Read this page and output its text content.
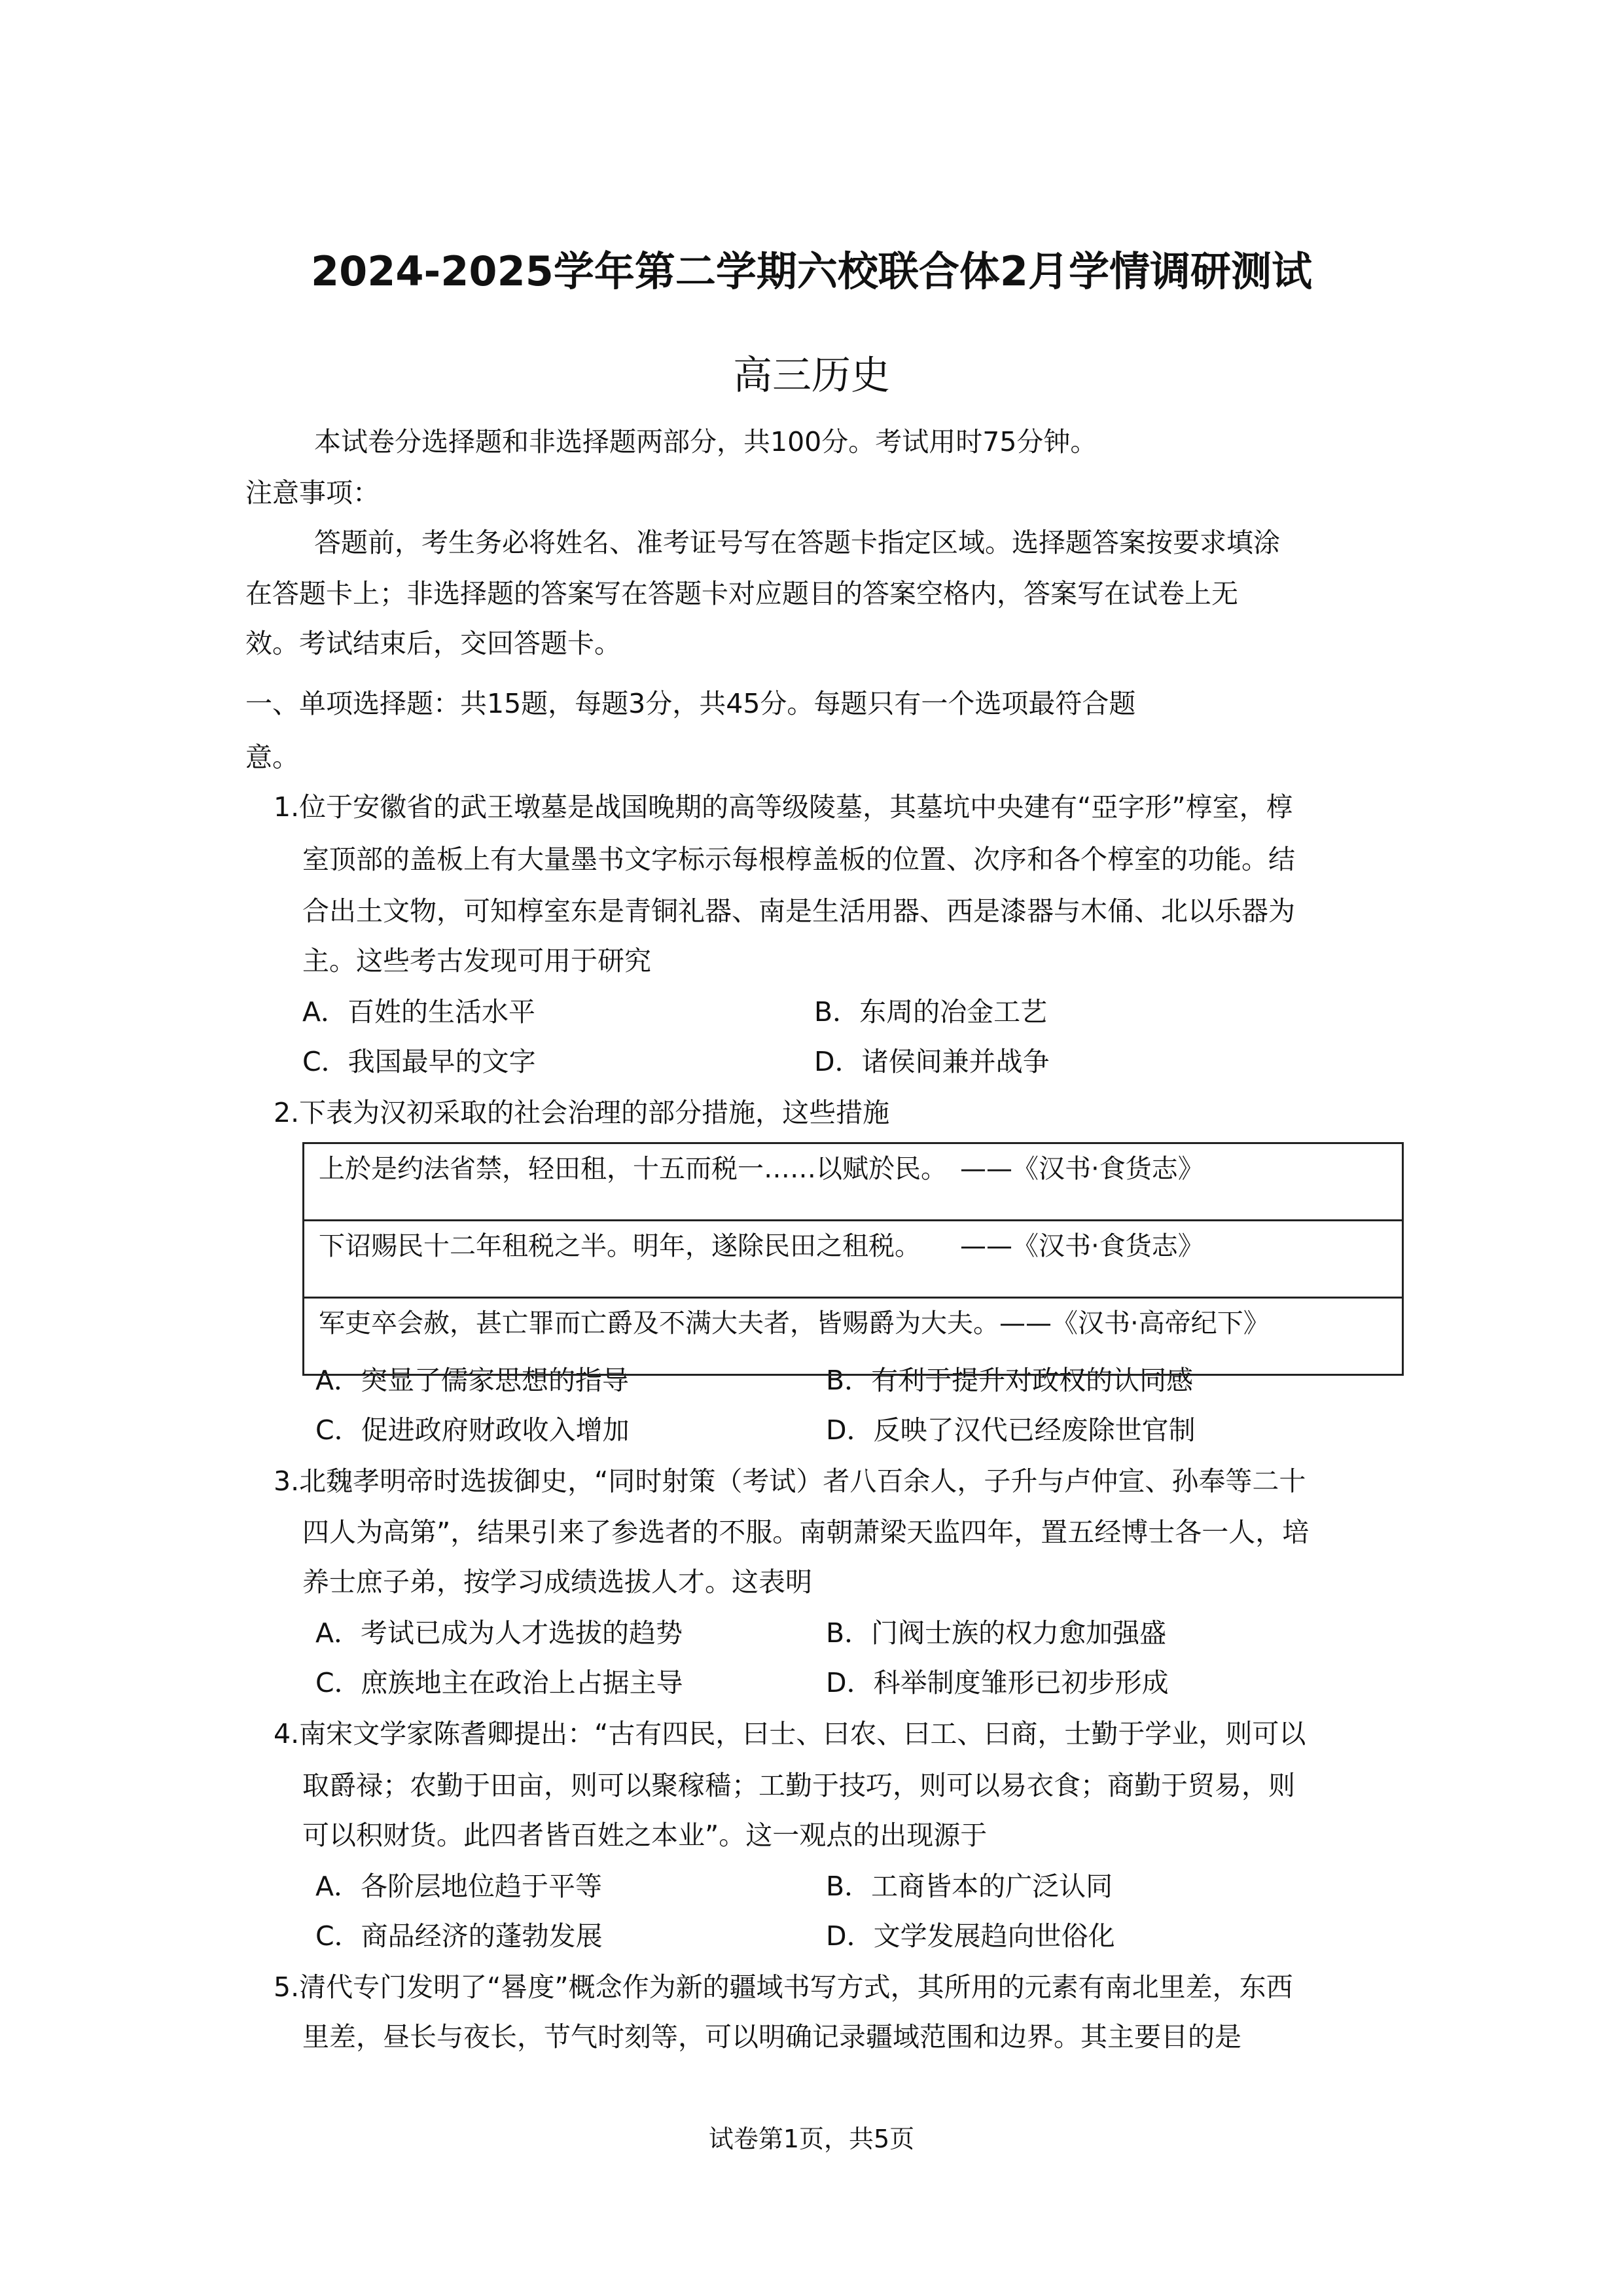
2024-2025学年第二学期六校联合体2月学情调研测试
高三历史
本试卷分选择题和非选择题两部分，共100分。考试用时75分钟。
注意事项：
答题前，考生务必将姓名、准考证号写在答题卡指定区域。选择题答案按要求填涂
在答题卡上；非选择题的答案写在答题卡对应题目的答案空格内，答案写在试卷上无
效。考试结束后，交回答题卡。
一、单项选择题：共15题，每题3分，共45分。每题只有一个选项最符合题
意。
1.位于安徽省的武王墩墓是战国晚期的高等级陵墓，其墓坑中央建有“亞字形”椁室，椁
室顶部的盖板上有大量墨书文字标示每根椁盖板的位置、次序和各个椁室的功能。结
合出土文物，可知椁室东是青铜礼器、南是生活用器、西是漆器与木俑、北以乐器为
主。这些考古发现可用于研究
A．百姓的生活水平	B．东周的冶金工艺
C．我国最早的文字	D．诸侯间兼并战争
2.下表为汉初采取的社会治理的部分措施，这些措施
A．突显了儒家思想的指导	B．有利于提升对政权的认同感
C．促进政府财政收入增加	D．反映了汉代已经废除世官制
3.北魏孝明帝时选拔御史，“同时射策（考试）者八百余人，子升与卢仲宣、孙奉等二十
四人为高第”，结果引来了参选者的不服。南朝萧梁天监四年，置五经博士各一人，培
养士庶子弟，按学习成绩选拔人才。这表明
A．考试已成为人才选拔的趋势	B．门阀士族的权力愈加强盛
C．庶族地主在政治上占据主导	D．科举制度雏形已初步形成
4.南宋文学家陈耆卿提出：“古有四民，曰士、曰农、曰工、曰商，士勤于学业，则可以
取爵禄；农勤于田亩，则可以聚稼穑；工勤于技巧，则可以易衣食；商勤于贸易，则
可以积财货。此四者皆百姓之本业”。这一观点的出现源于
A．各阶层地位趋于平等	B．工商皆本的广泛认同
C．商品经济的蓬勃发展	D．文学发展趋向世俗化
5.清代专门发明了“晷度”概念作为新的疆域书写方式，其所用的元素有南北里差，东西
里差，昼长与夜长，节气时刻等，可以明确记录疆域范围和边界。其主要目的是
上於是约法省禁，轻田租，十五而税一……以赋於民。　——《汉书·食货志》
下诏赐民十二年租税之半。明年，遂除民田之租税。　　——《汉书·食货志》
军吏卒会赦，甚亡罪而亡爵及不满大夫者，皆赐爵为大夫。——《汉书·高帝纪下》
试卷第1页，共5页
